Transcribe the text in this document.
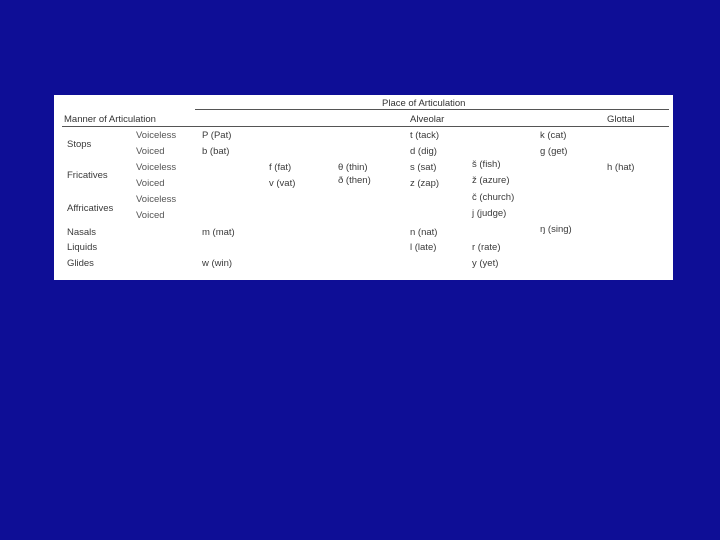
Place of Articulation
Manner of Articulation	Alveolar	Glottal
Stops
Fricatives
Affricatives
Nasals
Liquids
Glides
Voiceless
Voiced
Voiceless
Voiced
Voiceless
Voiced
P (Pat)
b (bat)
m (mat)
w (win)
f (fat)
v (vat)
θ (thin)
ð (then)
t (tack)
d (dig)
s (sat)
z (zap)
n (nat)
l (late)
š (fish)
ž (azure)
č (church)
j (judge)
r (rate)
y (yet)
k (cat)
g (get)
ŋ (sing)
h (hat)
